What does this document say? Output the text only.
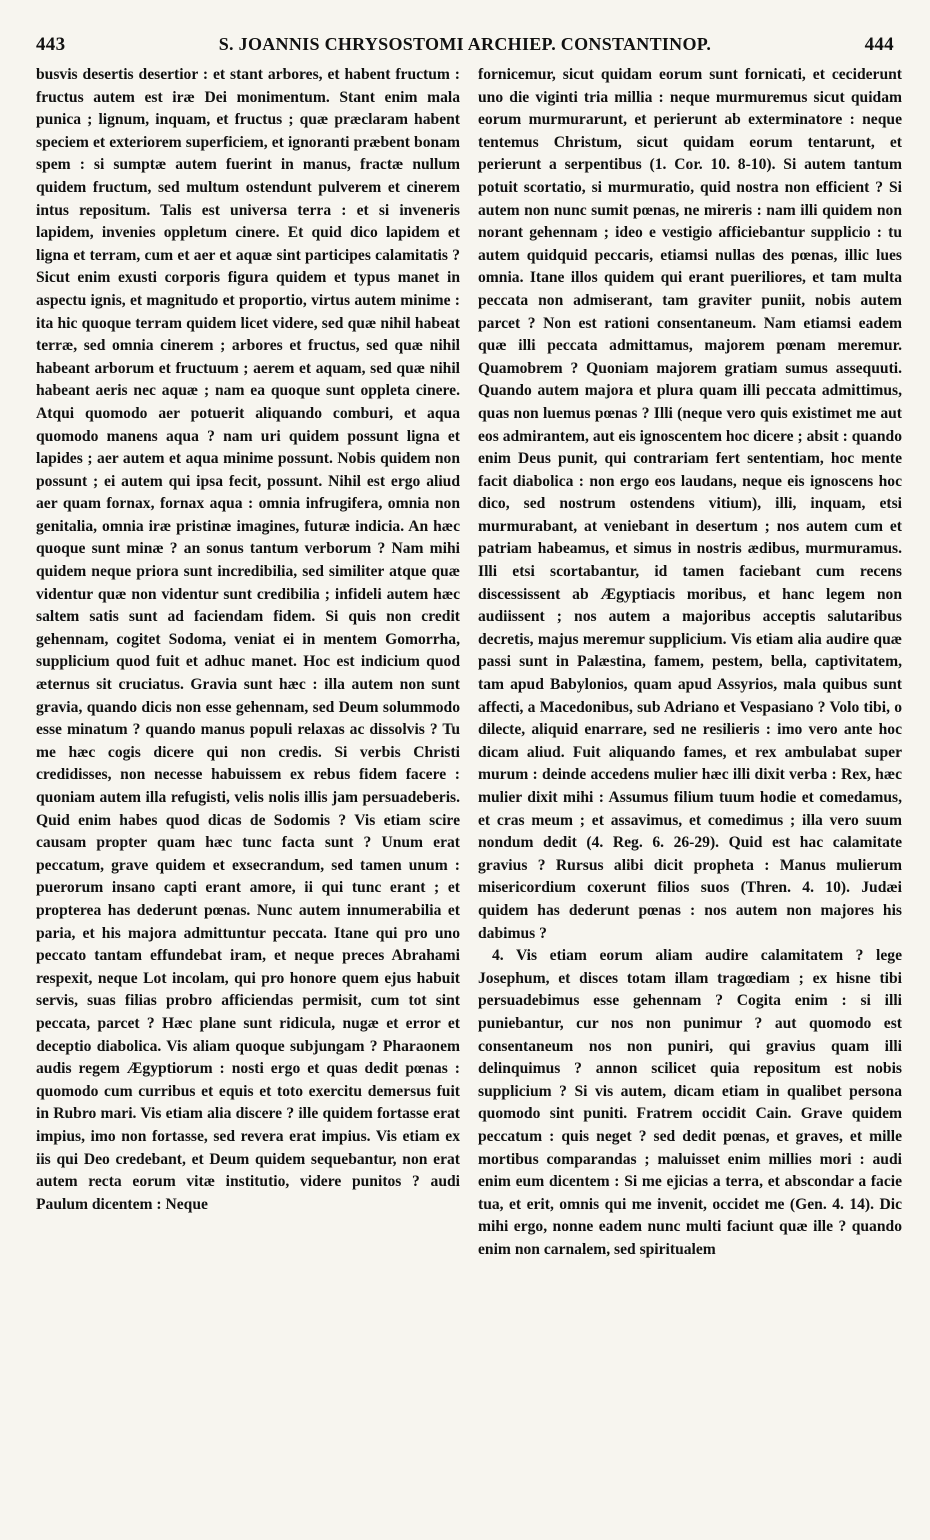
443	S. JOANNIS CHRYSOSTOMI ARCHIEP. CONSTANTINOP.	444

busvis desertis desertior : et stant arbores, et habent fructum : fructus autem est iræ Dei monimentum. Stant enim mala punica ; lignum, inquam, et fructus ; quæ præclaram habent speciem et exteriorem superficiem, et ignoranti præbent bonam spem : si sumptæ autem fuerint in manus, fractæ nullum quidem fructum, sed multum ostendunt pulverem et cinerem intus repositum. Talis est universa terra : et si inveneris lapidem, invenies oppletum cinere. Et quid dico lapidem et ligna et terram, cum et aer et aquæ sint participes calamitatis ? Sicut enim exusti corporis figura quidem et typus manet in aspectu ignis, et magnitudo et proportio, virtus autem minime : ita hic quoque terram quidem licet videre, sed quæ nihil habeat terræ, sed omnia cinerem ; arbores et fructus, sed quæ nihil habeant arborum et fructuum ; aerem et aquam, sed quæ nihil habeant aeris nec aquæ ; nam ea quoque sunt oppleta cinere. Atqui quomodo aer potuerit aliquando comburi, et aqua quomodo manens aqua ? nam uri quidem possunt ligna et lapides ; aer autem et aqua minime possunt. Nobis quidem non possunt ; ei autem qui ipsa fecit, possunt. Nihil est ergo aliud aer quam fornax, fornax aqua : omnia infrugifera, omnia non genitalia, omnia iræ pristinæ imagines, futuræ indicia. An hæc quoque sunt minæ ? an sonus tantum verborum ? Nam mihi quidem neque priora sunt incredibilia, sed similiter atque quæ videntur quæ non videntur sunt credibilia ; infideli autem hæc saltem satis sunt ad faciendam fidem. Si quis non credit gehennam, cogitet Sodoma, veniat ei in mentem Gomorrha, supplicium quod fuit et adhuc manet. Hoc est indicium quod æternus sit cruciatus. Gravia sunt hæc : illa autem non sunt gravia, quando dicis non esse gehennam, sed Deum solummodo esse minatum ? quando manus populi relaxas ac dissolvis ? Tu me hæc cogis dicere qui non credis. Si verbis Christi credidisses, non necesse habuissem ex rebus fidem facere : quoniam autem illa refugisti, velis nolis illis jam persuadeberis. Quid enim habes quod dicas de Sodomis ? Vis etiam scire causam propter quam hæc tunc facta sunt ? Unum erat peccatum, grave quidem et exsecrandum, sed tamen unum : puerorum insano capti erant amore, ii qui tunc erant ; et propterea has dederunt pœnas. Nunc autem innumerabilia et paria, et his majora admittuntur peccata. Itane qui pro uno peccato tantam effundebat iram, et neque preces Abrahami respexit, neque Lot incolam, qui pro honore quem ejus habuit servis, suas filias probro afficiendas permisit, cum tot sint peccata, parcet ? Hæc plane sunt ridicula, nugæ et error et deceptio diabolica. Vis aliam quoque subjungam ? Pharaonem audis regem Ægyptiorum : nosti ergo et quas dedit pœnas : quomodo cum curribus et equis et toto exercitu demersus fuit in Rubro mari. Vis etiam alia discere ? ille quidem fortasse erat impius, imo non fortasse, sed revera erat impius. Vis etiam ex iis qui Deo credebant, et Deum quidem sequebantur, non erat autem recta eorum vitæ institutio, videre punitos ? audi Paulum dicentem : Neque

fornicemur, sicut quidam eorum sunt fornicati, et ceciderunt uno die viginti tria millia : neque murmuremus sicut quidam eorum murmurarunt, et perierunt ab exterminatore : neque tentemus Christum, sicut quidam eorum tentarunt, et perierunt a serpentibus (1. Cor. 10. 8-10). Si autem tantum potuit scortatio, si murmuratio, quid nostra non efficient ? Si autem non nunc sumit pœnas, ne mireris : nam illi quidem non norant gehennam ; ideo e vestigio afficiebantur supplicio : tu autem quidquid peccaris, etiamsi nullas des pœnas, illic lues omnia. Itane illos quidem qui erant pueriliores, et tam multa peccata non admiserant, tam graviter puniit, nobis autem parcet ? Non est rationi consentaneum. Nam etiamsi eadem quæ illi peccata admittamus, majorem pœnam meremur. Quamobrem ? Quoniam majorem gratiam sumus assequuti. Quando autem majora et plura quam illi peccata admittimus, quas non luemus pœnas ? Illi (neque vero quis existimet me aut eos admirantem, aut eis ignoscentem hoc dicere ; absit : quando enim Deus punit, qui contrariam fert sententiam, hoc mente facit diabolica : non ergo eos laudans, neque eis ignoscens hoc dico, sed nostrum ostendens vitium), illi, inquam, etsi murmurabant, at veniebant in desertum ; nos autem cum et patriam habeamus, et simus in nostris ædibus, murmuramus. Illi etsi scortabantur, id tamen faciebant cum recens discessissent ab Ægyptiacis moribus, et hanc legem non audiissent ; nos autem a majoribus acceptis salutaribus decretis, majus meremur supplicium. Vis etiam alia audire quæ passi sunt in Palæstina, famem, pestem, bella, captivitatem, tam apud Babylonios, quam apud Assyrios, mala quibus sunt affecti, a Macedonibus, sub Adriano et Vespasiano ? Volo tibi, o dilecte, aliquid enarrare, sed ne resilieris : imo vero ante hoc dicam aliud. Fuit aliquando fames, et rex ambulabat super murum : deinde accedens mulier hæc illi dixit verba : Rex, hæc mulier dixit mihi : Assumus filium tuum hodie et comedamus, et cras meum ; et assavimus, et comedimus ; illa vero suum nondum dedit (4. Reg. 6. 26-29). Quid est hac calamitate gravius ? Rursus alibi dicit propheta : Manus mulierum misericordium coxerunt filios suos (Thren. 4. 10). Judæi quidem has dederunt pœnas : nos autem non majores his dabimus ?

4. Vis etiam eorum aliam audire calamitatem ? lege Josephum, et disces totam illam tragœdiam ; ex hisne tibi persuadebimus esse gehennam ? Cogita enim : si illi puniebantur, cur nos non punimur ? aut quomodo est consentaneum nos non puniri, qui gravius quam illi delinquimus ? annon scilicet quia repositum est nobis supplicium ? Si vis autem, dicam etiam in qualibet persona quomodo sint puniti. Fratrem occidit Cain. Grave quidem peccatum : quis neget ? sed dedit pœnas, et graves, et mille mortibus comparandas ; maluisset enim millies mori : audi enim eum dicentem : Si me ejicias a terra, et abscondar a facie tua, et erit, omnis qui me invenit, occidet me (Gen. 4. 14). Dic mihi ergo, nonne eadem nunc multi faciunt quæ ille ? quando enim non carnalem, sed spiritualem
